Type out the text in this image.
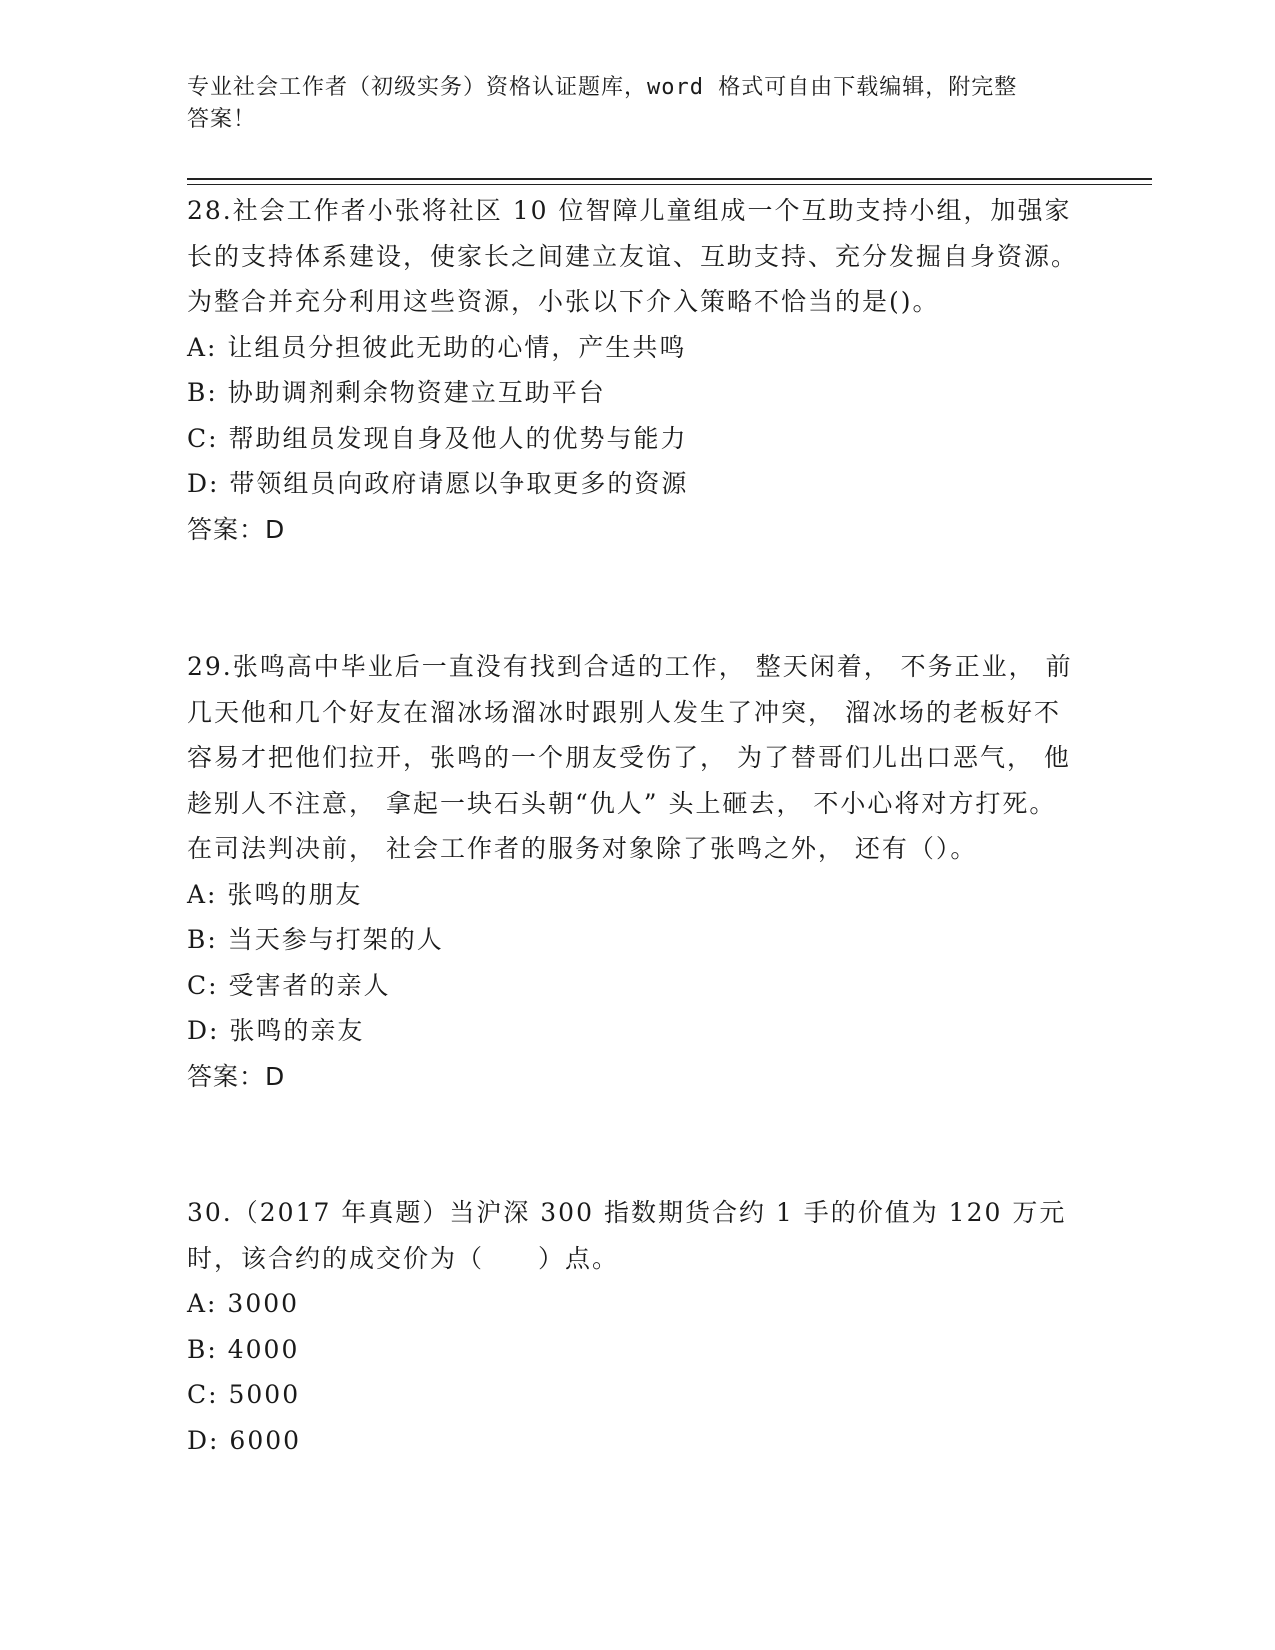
专业社会工作者（初级实务）资格认证题库，word 格式可自由下载编辑，附完整
答案！

28.社会工作者小张将社区 10 位智障儿童组成一个互助支持小组，加强家长的支持体系建设，使家长之间建立友谊、互助支持、充分发掘自身资源。为整合并充分利用这些资源，小张以下介入策略不恰当的是()。

A: 让组员分担彼此无助的心情，产生共鸣

B: 协助调剂剩余物资建立互助平台

C: 帮助组员发现自身及他人的优势与能力

D: 带领组员向政府请愿以争取更多的资源

答案：D

29.张鸣高中毕业后一直没有找到合适的工作， 整天闲着， 不务正业， 前几天他和几个好友在溜冰场溜冰时跟别人发生了冲突， 溜冰场的老板好不容易才把他们拉开，张鸣的一个朋友受伤了， 为了替哥们儿出口恶气， 他趁别人不注意， 拿起一块石头朝“仇人” 头上砸去， 不小心将对方打死。 在司法判决前， 社会工作者的服务对象除了张鸣之外， 还有（）。

A: 张鸣的朋友

B: 当天参与打架的人

C: 受害者的亲人

D: 张鸣的亲友

答案：D

30.（2017 年真题）当沪深 300 指数期货合约 1 手的价值为 120 万元时，该合约的成交价为（　　）点。

A: 3000

B: 4000

C: 5000

D: 6000
